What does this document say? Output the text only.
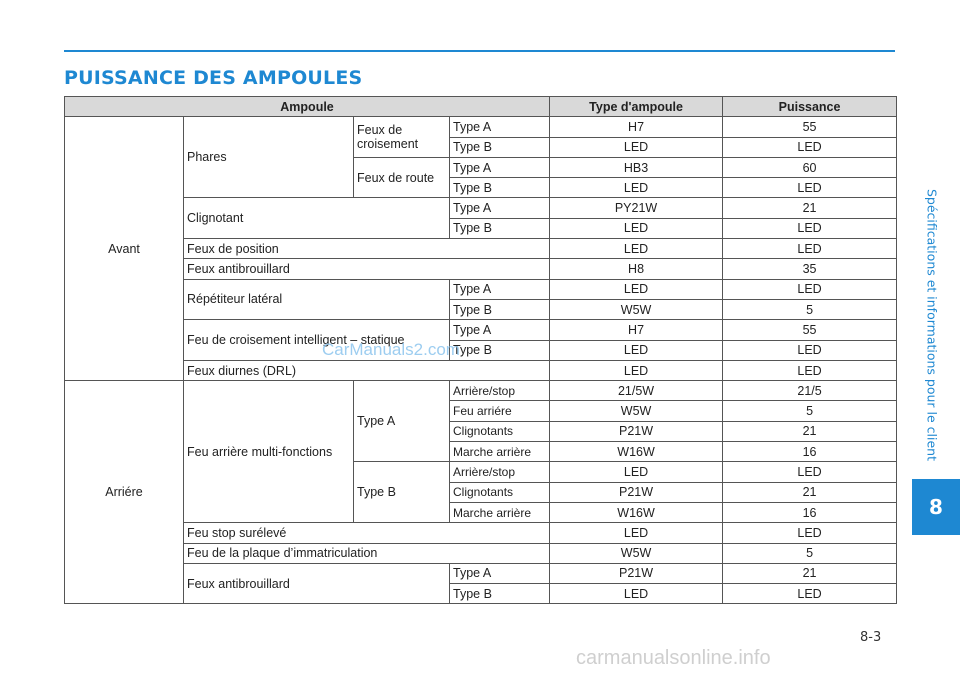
PUISSANCE DES AMPOULES
Spécifications et informations pour le client
8
8-3
Ampoule				Type d'ampoule	Puissance
Avant	Phares	Feux de croisement	Type A	H7	55
			Type B	LED	LED
		Feux de route	Type A	HB3	60
			Type B	LED	LED
	Clignotant		Type A	PY21W	21
			Type B	LED	LED
	Feux de position			LED	LED
	Feux antibrouillard			H8	35
	Répétiteur latéral		Type A	LED	LED
			Type B	W5W	5
	Feu de croisement intelligent – statique		Type A	H7	55
			Type B	LED	LED
	Feux diurnes (DRL)			LED	LED
Arriére	Feu arrière multi-fonctions	Type A	Arrière/stop	21/5W	21/5
			Feu arriére	W5W	5
			Clignotants	P21W	21
			Marche arrière	W16W	16
		Type B	Arrière/stop	LED	LED
			Clignotants	P21W	21
			Marche arrière	W16W	16
	Feu stop surélevé			LED	LED
	Feu de la plaque d’immatriculation			W5W	5
	Feux antibrouillard		Type A	P21W	21
			Type B	LED	LED
CarManuals2.com
carmanualsonline.info
